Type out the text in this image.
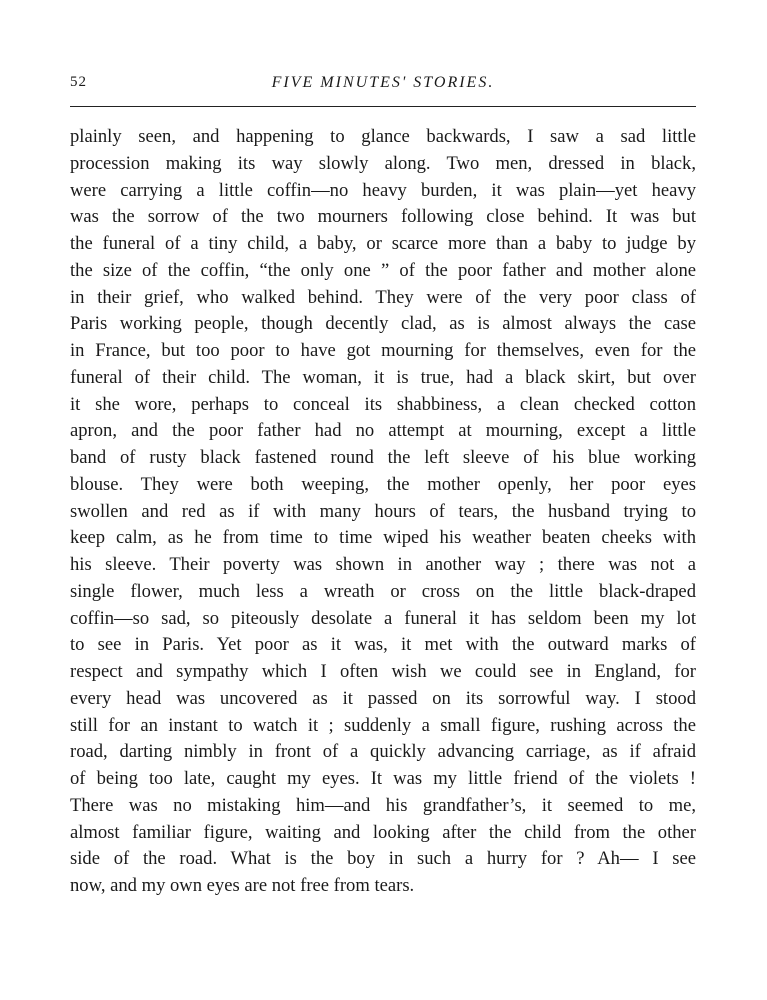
52	FIVE MINUTES' STORIES.
plainly seen, and happening to glance backwards, I saw a sad little
procession making its way slowly along. Two men, dressed in black,
were carrying a little coffin—no heavy burden, it was plain—yet heavy
was the sorrow of the two mourners following close behind. It was but
the funeral of a tiny child, a baby, or scarce more than a baby to judge by
the size of the coffin, “the only one ” of the poor father and mother alone
in their grief, who walked behind. They were of the very poor class of
Paris working people, though decently clad, as is almost always the case
in France, but too poor to have got mourning for themselves, even for the
funeral of their child. The woman, it is true, had a black skirt, but over
it she wore, perhaps to conceal its shabbiness, a clean checked cotton
apron, and the poor father had no attempt at mourning, except a little
band of rusty black fastened round the left sleeve of his blue working
blouse. They were both weeping, the mother openly, her poor eyes
swollen and red as if with many hours of tears, the husband trying to
keep calm, as he from time to time wiped his weather beaten cheeks with
his sleeve. Their poverty was shown in another way ; there was not a
single flower, much less a wreath or cross on the little black-draped
coffin—so sad, so piteously desolate a funeral it has seldom been my lot
to see in Paris. Yet poor as it was, it met with the outward marks of
respect and sympathy which I often wish we could see in England, for
every head was uncovered as it passed on its sorrowful way. I stood
still for an instant to watch it ; suddenly a small figure, rushing across the
road, darting nimbly in front of a quickly advancing carriage, as if afraid
of being too late, caught my eyes. It was my little friend of the violets !
There was no mistaking him—and his grandfather’s, it seemed to me,
almost familiar figure, waiting and looking after the child from the other
side of the road. What is the boy in such a hurry for ? Ah— I see
now, and my own eyes are not free from tears.
